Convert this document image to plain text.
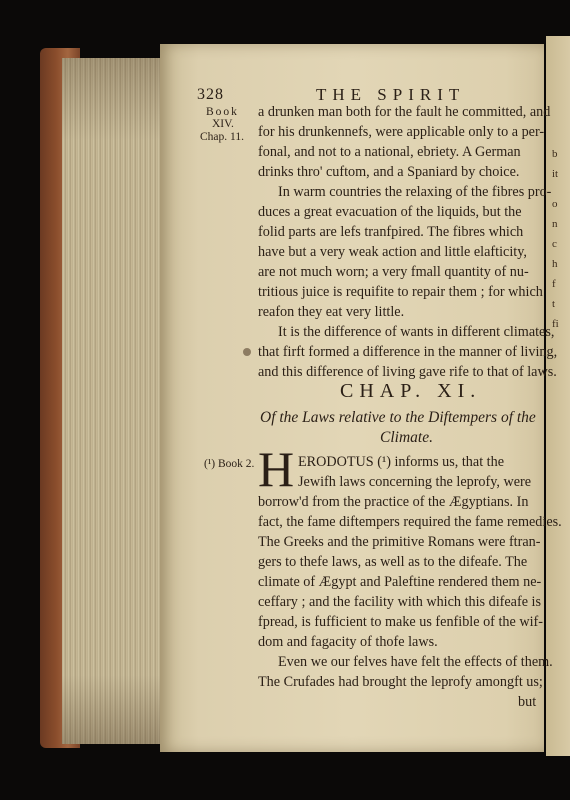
b
it
o
n
c
h
f
t
fi
328	THE SPIRIT
Book
XIV.
Chap. 11.
a drunken man both for the fault he committed, and
for his drunkennefs, were applicable only to a per-
fonal, and not to a national, ebriety. A German
drinks thro' cuftom, and a Spaniard by choice.
In warm countries the relaxing of the fibres pro-
duces a great evacuation of the liquids, but the
folid parts are lefs tranfpired. The fibres which
have but a very weak action and little elafticity,
are not much worn; a very fmall quantity of nu-
tritious juice is requifite to repair them ; for which
reafon they eat very little.
It is the difference of wants in different climates,
that firft formed a difference in the manner of living,
and this difference of living gave rife to that of laws.
CHAP. XI.
Of the Laws relative to the Diftempers of the
Climate.
(¹) Book 2. H ERODOTUS (¹) informs us, that the
Jewifh laws concerning the leprofy, were
borrow'd from the practice of the Ægyptians. In
fact, the fame diftempers required the fame remedies.
The Greeks and the primitive Romans were ftran-
gers to thefe laws, as well as to the difeafe. The
climate of Ægypt and Paleftine rendered them ne-
ceffary ; and the facility with which this difeafe is
fpread, is fufficient to make us fenfible of the wif-
dom and fagacity of thofe laws.
Even we our felves have felt the effects of them.
The Crufades had brought the leprofy amongft us;
but
